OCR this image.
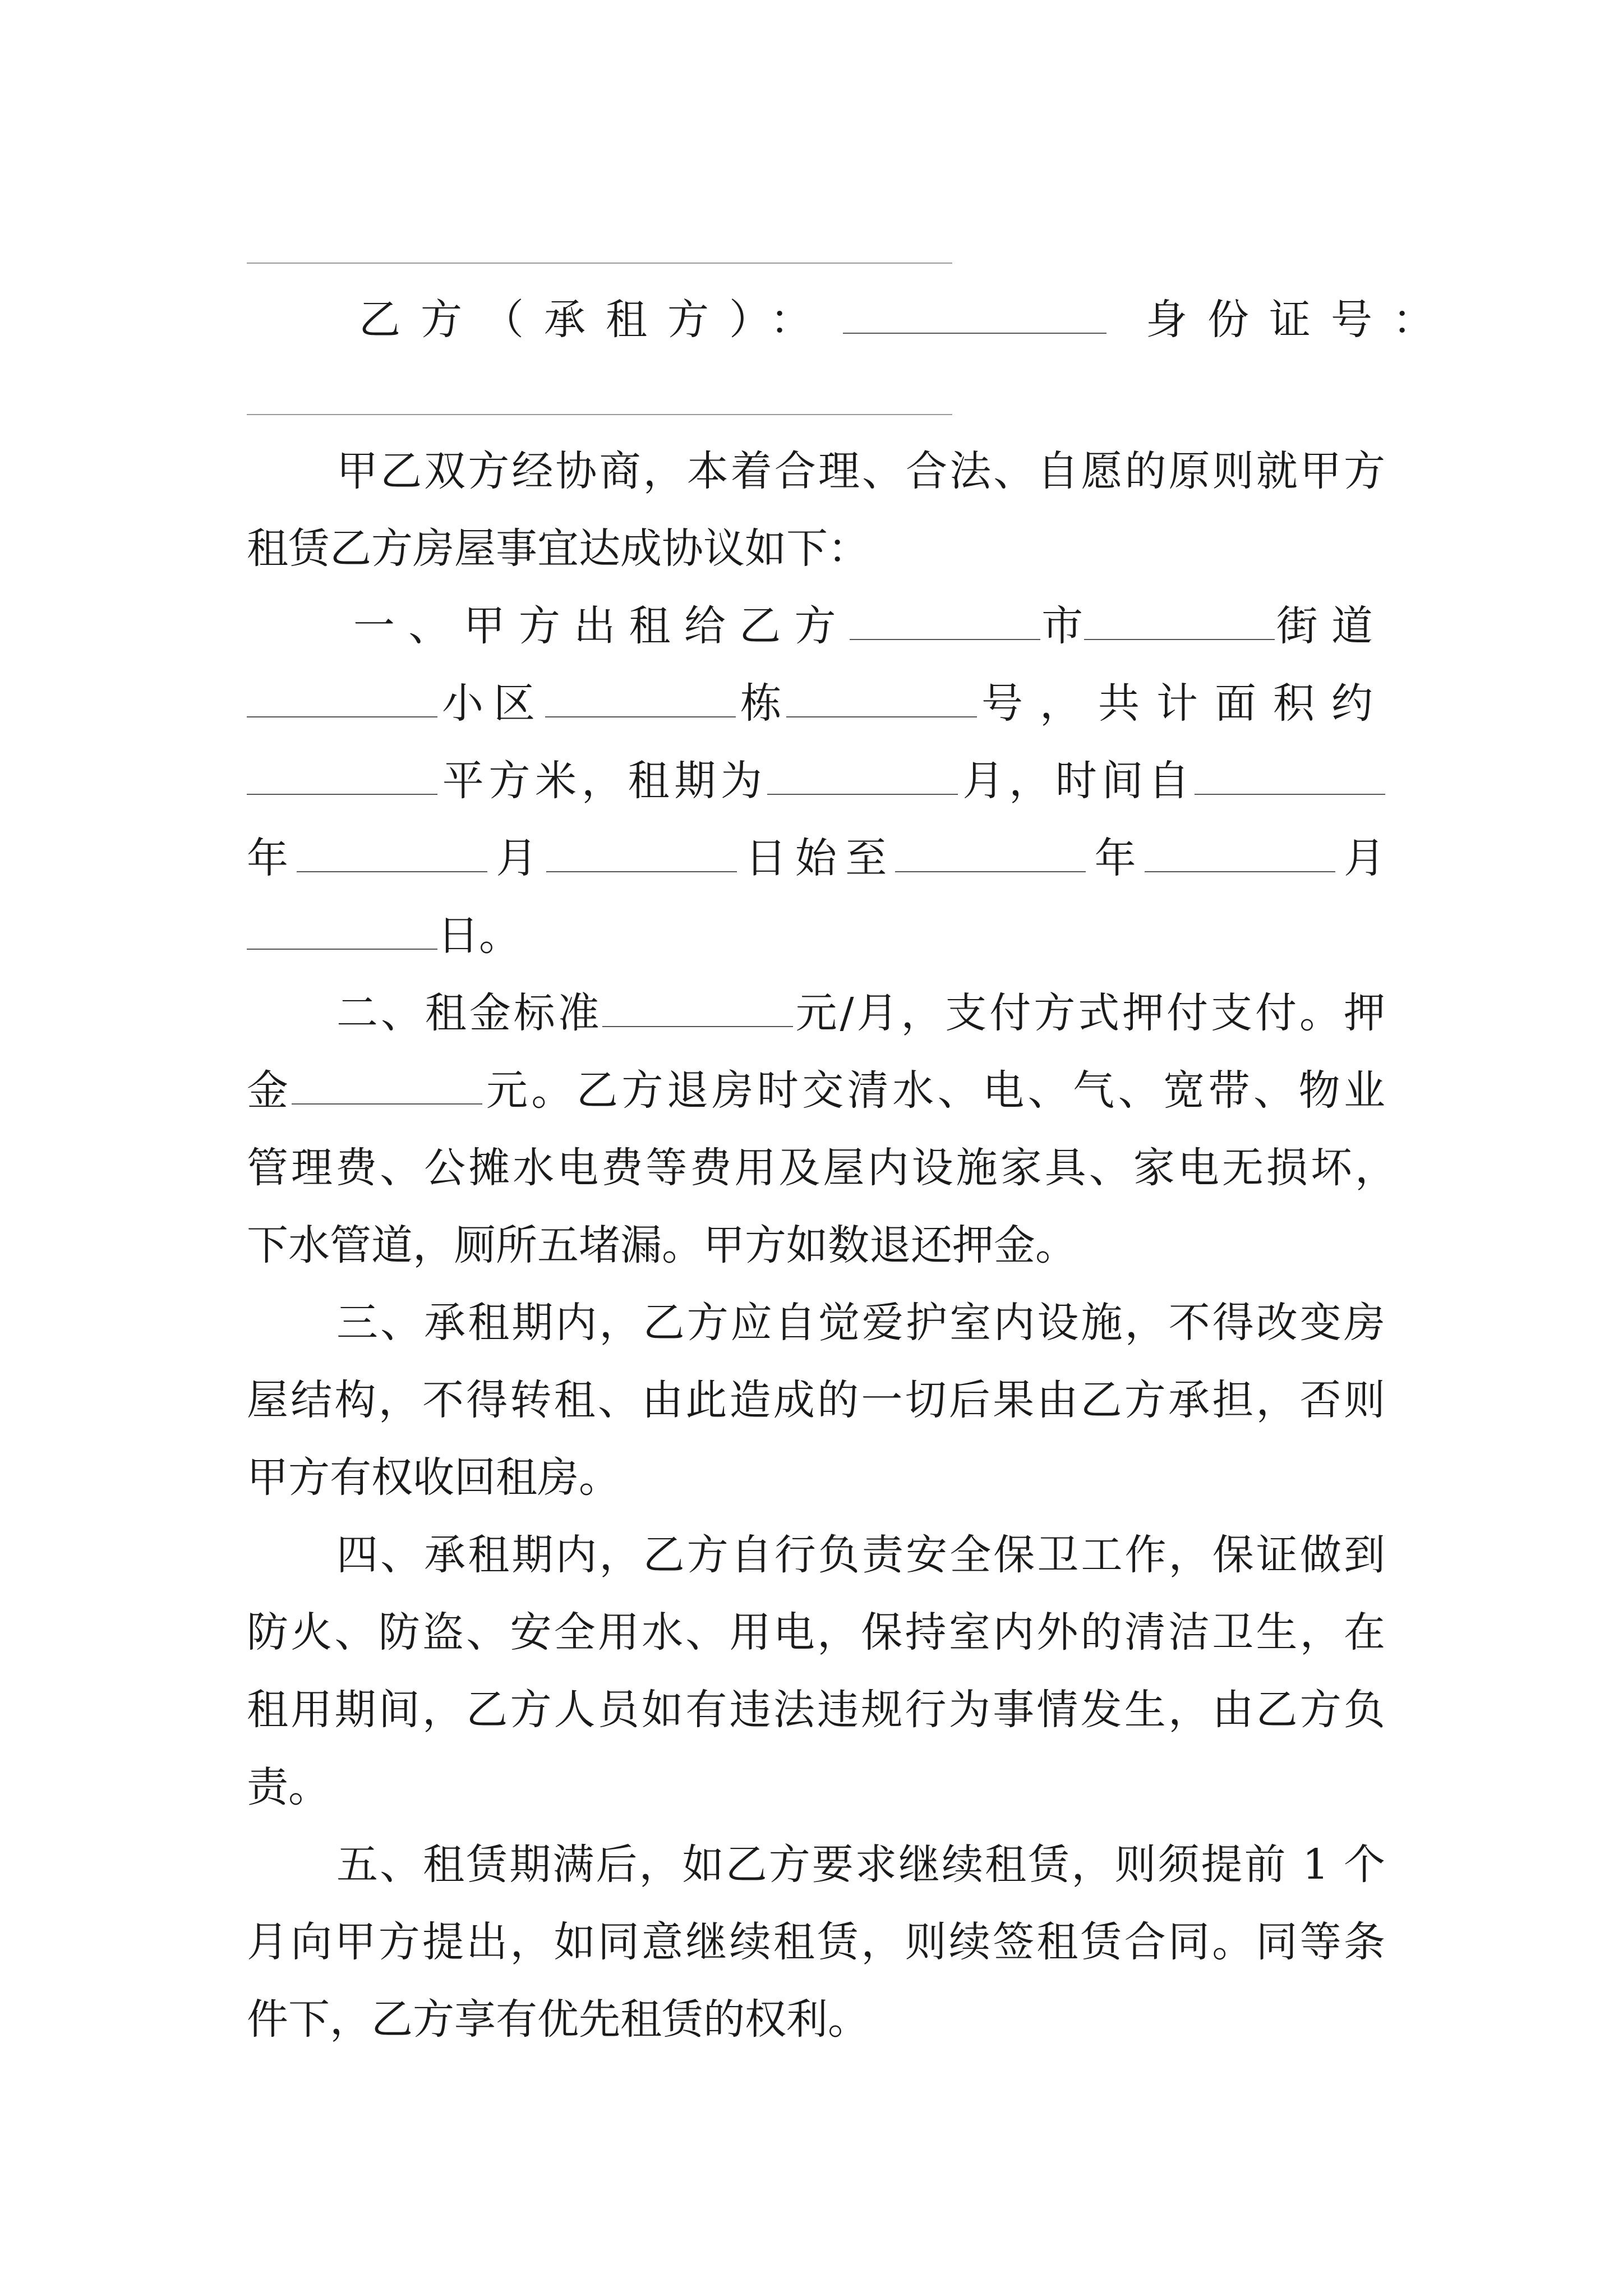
乙方（承租方）：	身份证号：
甲乙双方经协商，本着合理、合法、自愿的原则就甲方
租赁乙方房屋事宜达成协议如下：
一、甲方出租给乙方	市	街道
小区	栋	号，共计面积约
平方米，租期为	月，时间自
年	月	日始至	年	月
日。
二、租金标准	元/月，支付方式押付支付。押
金	元。乙方退房时交清水、电、气、宽带、物业
管理费、公摊水电费等费用及屋内设施家具、家电无损坏，
下水管道，厕所五堵漏。甲方如数退还押金。
三、承租期内，乙方应自觉爱护室内设施，不得改变房
屋结构，不得转租、由此造成的一切后果由乙方承担，否则
甲方有权收回租房。
四、承租期内，乙方自行负责安全保卫工作，保证做到
防火、防盗、安全用水、用电，保持室内外的清洁卫生，在
租用期间，乙方人员如有违法违规行为事情发生，由乙方负
责。
五、租赁期满后，如乙方要求继续租赁，则须提前 1 个
月向甲方提出，如同意继续租赁，则续签租赁合同。同等条
件下，乙方享有优先租赁的权利。
